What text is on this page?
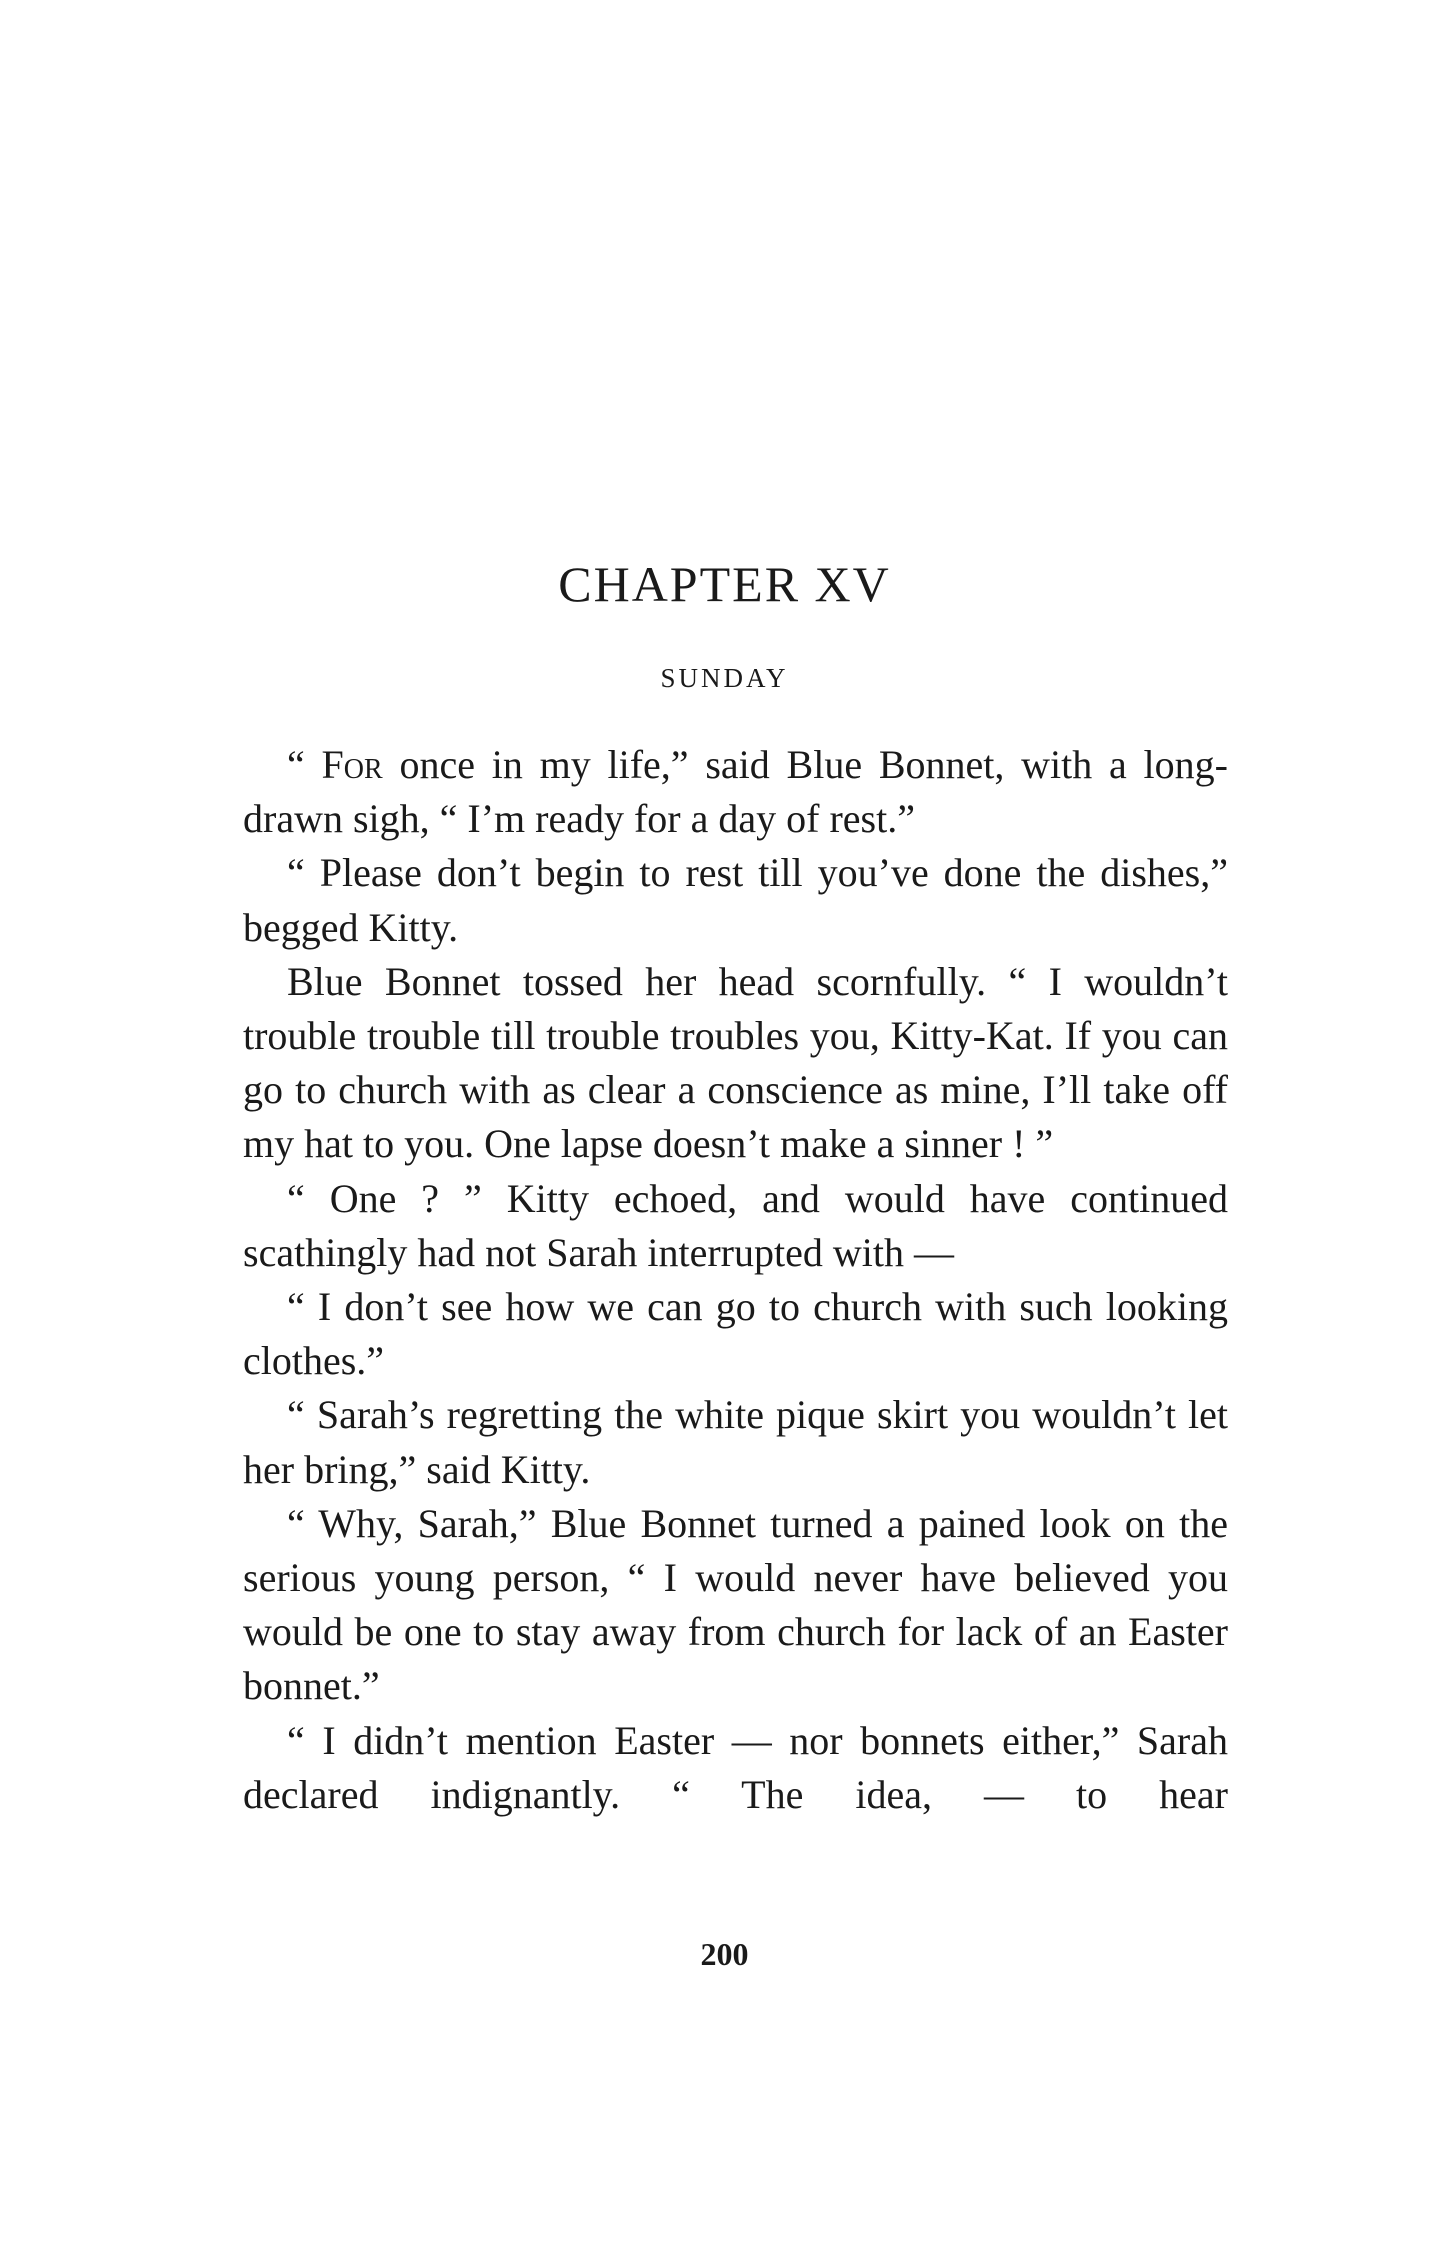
CHAPTER XV
SUNDAY

“ For once in my life,” said Blue Bonnet, with a long-drawn sigh, “ I’m ready for a day of rest.”

“ Please don’t begin to rest till you’ve done the dishes,” begged Kitty.

Blue Bonnet tossed her head scornfully. “ I wouldn’t trouble trouble till trouble troubles you, Kitty-Kat. If you can go to church with as clear a conscience as mine, I’ll take off my hat to you. One lapse doesn’t make a sinner ! ”

“ One ? ” Kitty echoed, and would have continued scathingly had not Sarah interrupted with —

“ I don’t see how we can go to church with such looking clothes.”

“ Sarah’s regretting the white pique skirt you wouldn’t let her bring,” said Kitty.

“ Why, Sarah,” Blue Bonnet turned a pained look on the serious young person, “ I would never have believed you would be one to stay away from church for lack of an Easter bonnet.”

“ I didn’t mention Easter — nor bonnets either,” Sarah declared indignantly. “ The idea, — to hear

200
